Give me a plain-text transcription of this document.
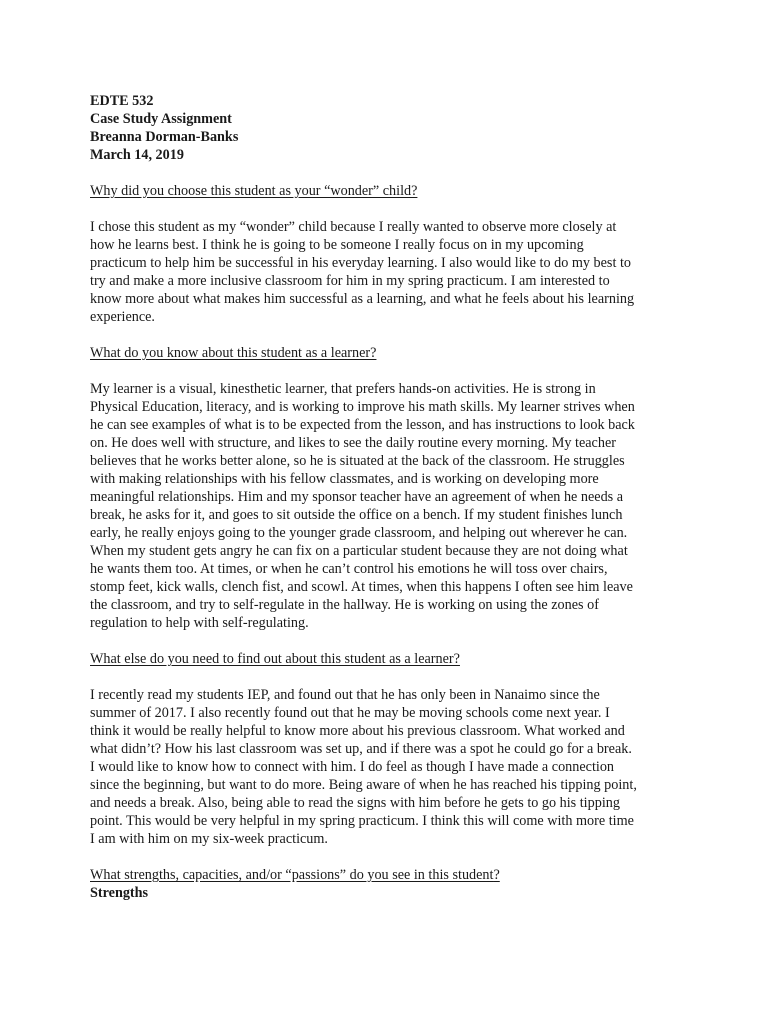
EDTE 532

Case Study Assignment

Breanna Dorman-Banks

March 14, 2019

Why did you choose this student as your “wonder” child?

I chose this student as my “wonder” child because I really wanted to observe more closely at
how he learns best. I think he is going to be someone I really focus on in my upcoming
practicum to help him be successful in his everyday learning. I also would like to do my best to
try and make a more inclusive classroom for him in my spring practicum. I am interested to
know more about what makes him successful as a learning, and what he feels about his learning
experience.

What do you know about this student as a learner?

My learner is a visual, kinesthetic learner, that prefers hands-on activities. He is strong in
Physical Education, literacy, and is working to improve his math skills. My learner strives when
he can see examples of what is to be expected from the lesson, and has instructions to look back
on. He does well with structure, and likes to see the daily routine every morning. My teacher
believes that he works better alone, so he is situated at the back of the classroom. He struggles
with making relationships with his fellow classmates, and is working on developing more
meaningful relationships. Him and my sponsor teacher have an agreement of when he needs a
break, he asks for it, and goes to sit outside the office on a bench. If my student finishes lunch
early, he really enjoys going to the younger grade classroom, and helping out wherever he can.
When my student gets angry he can fix on a particular student because they are not doing what
he wants them too. At times, or when he can’t control his emotions he will toss over chairs,
stomp feet, kick walls, clench fist, and scowl. At times, when this happens I often see him leave
the classroom, and try to self-regulate in the hallway. He is working on using the zones of
regulation to help with self-regulating.

What else do you need to find out about this student as a learner?

I recently read my students IEP, and found out that he has only been in Nanaimo since the
summer of 2017. I also recently found out that he may be moving schools come next year. I
think it would be really helpful to know more about his previous classroom. What worked and
what didn’t? How his last classroom was set up, and if there was a spot he could go for a break.
I would like to know how to connect with him. I do feel as though I have made a connection
since the beginning, but want to do more. Being aware of when he has reached his tipping point,
and needs a break. Also, being able to read the signs with him before he gets to go his tipping
point. This would be very helpful in my spring practicum. I think this will come with more time
I am with him on my six-week practicum.

What strengths, capacities, and/or “passions” do you see in this student?

Strengths
